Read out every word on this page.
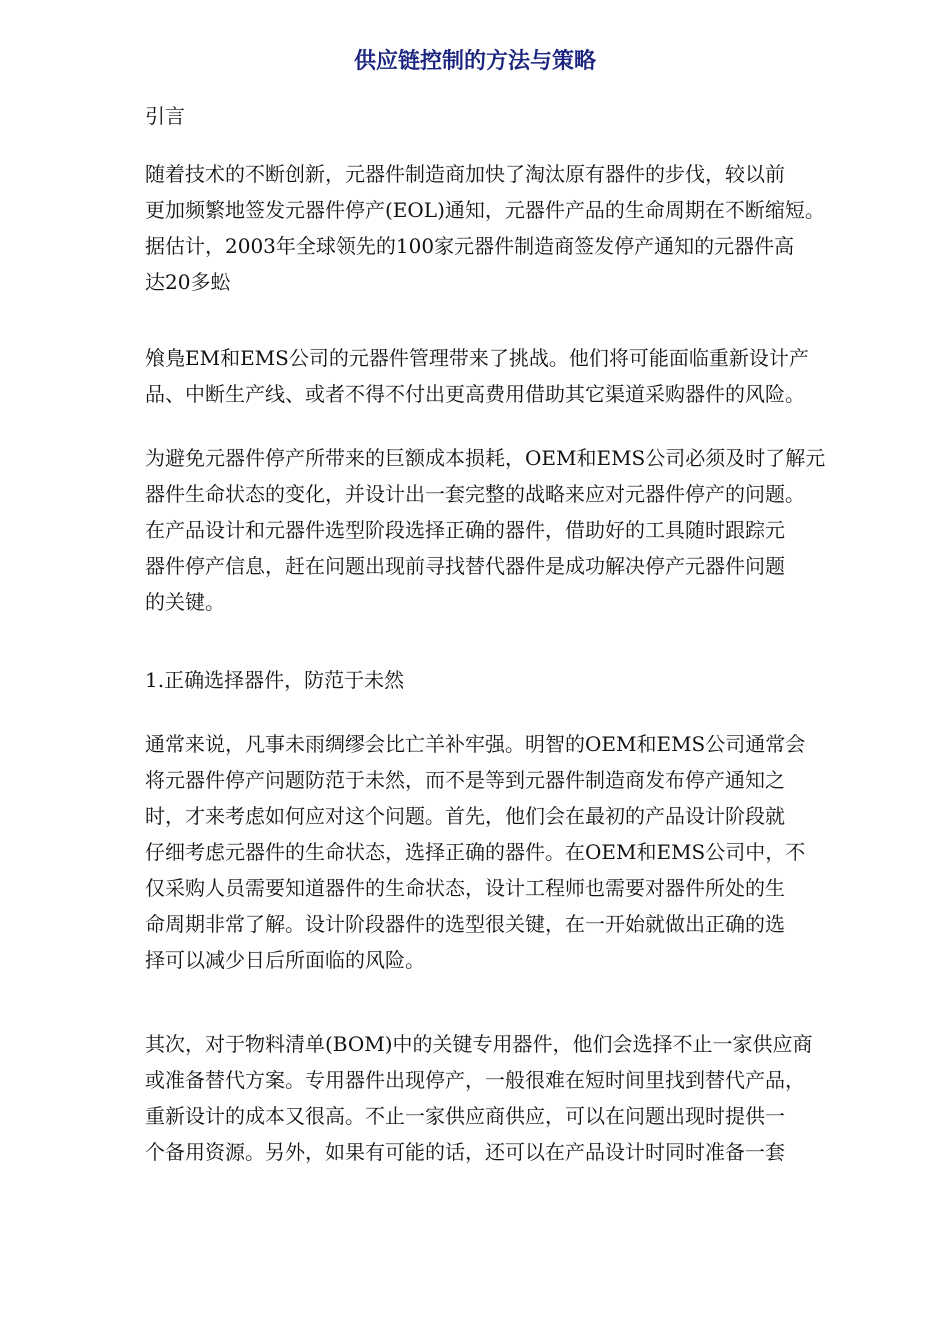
供应链控制的方法与策略
引言
随着技术的不断创新，元器件制造商加快了淘汰原有器件的步伐，较以前
更加频繁地签发元器件停产(EOL)通知，元器件产品的生命周期在不断缩短。
据估计，2003年全球领先的100家元器件制造商签发停产通知的元器件高
达20多蚣
飧鳬EM和EMS公司的元器件管理带来了挑战。他们将可能面临重新设计产
品、中断生产线、或者不得不付出更高费用借助其它渠道采购器件的风险。
为避免元器件停产所带来的巨额成本损耗，OEM和EMS公司必须及时了解元
器件生命状态的变化，并设计出一套完整的战略来应对元器件停产的问题。
在产品设计和元器件选型阶段选择正确的器件，借助好的工具随时跟踪元
器件停产信息，赶在问题出现前寻找替代器件是成功解决停产元器件问题
的关键。
1.正确选择器件，防范于未然
通常来说，凡事未雨绸缪会比亡羊补牢强。明智的OEM和EMS公司通常会
将元器件停产问题防范于未然，而不是等到元器件制造商发布停产通知之
时，才来考虑如何应对这个问题。首先，他们会在最初的产品设计阶段就
仔细考虑元器件的生命状态，选择正确的器件。在OEM和EMS公司中，不
仅采购人员需要知道器件的生命状态，设计工程师也需要对器件所处的生
命周期非常了解。设计阶段器件的选型很关键，在一开始就做出正确的选
择可以减少日后所面临的风险。
其次，对于物料清单(BOM)中的关键专用器件，他们会选择不止一家供应商
或准备替代方案。专用器件出现停产，一般很难在短时间里找到替代产品，
重新设计的成本又很高。不止一家供应商供应，可以在问题出现时提供一
个备用资源。另外，如果有可能的话，还可以在产品设计时同时准备一套
